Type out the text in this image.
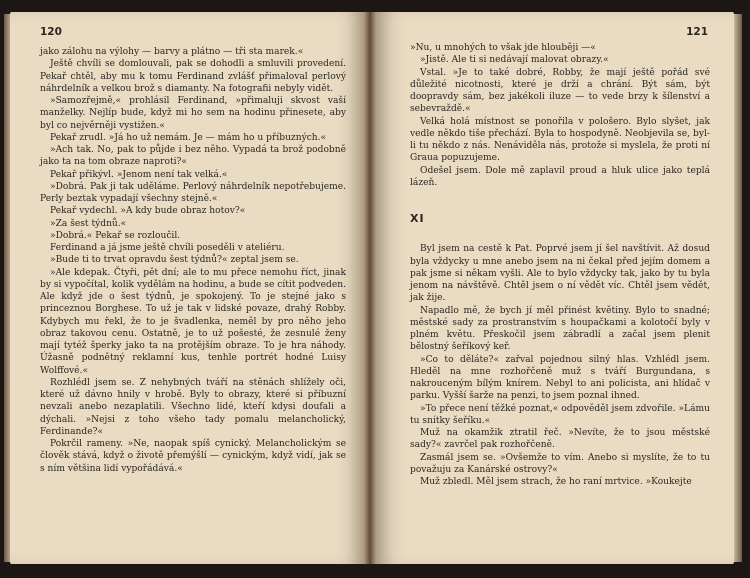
120

jako zálohu na výlohy — barvy a plátno — tři sta marek.«

Ještě chvíli se domlouvali, pak se dohodli a smluvili provedení. Pekař chtěl, aby mu k tomu Ferdinand zvlášť přimaloval perlový náhrdelník a velkou brož s diamanty. Na fotografii nebyly vidět.

»Samozřejmě,« prohlásil Ferdinand, »přimaluji skvost vaší manželky. Nejlíp bude, když mi ho sem na hodinu přinesete, aby byl co nejvěrněji vystižen.«

Pekař zrudl. »Já ho už nemám. Je — mám ho u příbuzných.«

»Ach tak. No, pak to půjde i bez něho. Vypadá ta brož podobně jako ta na tom obraze naproti?«

Pekař přikývl. »Jenom není tak velká.«

»Dobrá. Pak ji tak uděláme. Perlový náhrdelník nepotřebujeme. Perly beztak vypadají všechny stejně.«

Pekař vydechl. »A kdy bude obraz hotov?«

»Za šest týdnů.«

»Dobrá.« Pekař se rozloučil.

Ferdinand a já jsme ještě chvíli poseděli v ateliéru.

»Bude ti to trvat opravdu šest týdnů?« zeptal jsem se.

»Ale kdepak. Čtyři, pět dní; ale to mu přece nemohu říct, jinak by si vypočítal, kolik vydělám na hodinu, a bude se cítit podveden. Ale když jde o šest týdnů, je spokojený. To je stejné jako s princeznou Borghese. To už je tak v lidské povaze, drahý Robby. Kdybych mu řekl, že to je švadlenka, neměl by pro něho jeho obraz takovou cenu. Ostatně, je to už pošesté, že zesnulé ženy mají tytéž šperky jako ta na protějším obraze. To je hra náhody. Úžasně podnětný reklamní kus, tenhle portrét hodné Luisy Wolffové.«

Rozhlédl jsem se. Z nehybných tváří na stěnách shlížely oči, které už dávno hnily v hrobě. Byly to obrazy, které si příbuzní nevzali anebo nezaplatili. Všechno lidé, kteří kdysi doufali a dýchali. »Nejsi z toho všeho tady pomalu melancholický, Ferdinande?«

Pokrčil rameny. »Ne, naopak spíš cynický. Melancholickým se člověk stává, když o životě přemýšlí — cynickým, když vidí, jak se s ním většina lidí vypořádává.«

121

»Nu, u mnohých to však jde hlouběji —«

»Jistě. Ale ti si nedávají malovat obrazy.«

Vstal. »Je to také dobré, Robby, že mají ještě pořád své důležité nicotnosti, které je drží a chrání. Být sám, být doopravdy sám, bez jakékoli iluze — to vede brzy k šílenství a sebevraždě.«

Velká holá místnost se ponořila v pološero. Bylo slyšet, jak vedle někdo tiše přechází. Byla to hospodyně. Neobjevila se, byl-li tu někdo z nás. Nenáviděla nás, protože si myslela, že proti ní Graua popuzujeme.

Odešel jsem. Dole mě zaplavil proud a hluk ulice jako teplá lázeň.

XI

Byl jsem na cestě k Pat. Poprvé jsem jí šel navštívit. Až dosud byla vždycky u mne anebo jsem na ni čekal před jejím domem a pak jsme si někam vyšli. Ale to bylo vždycky tak, jako by tu byla jenom na návštěvě. Chtěl jsem o ní vědět víc. Chtěl jsem vědět, jak žije.

Napadlo mě, že bych jí měl přinést květiny. Bylo to snadné; městské sady za prostranstvím s houpačkami a kolotočí byly v plném květu. Přeskočil jsem zábradlí a začal jsem plenit bělostný šeříkový keř.

»Co to děláte?« zařval pojednou silný hlas. Vzhlédl jsem. Hleděl na mne rozhořčeně muž s tváří Burgundana, s nakrouceným bílým knírem. Nebyl to ani policista, ani hlídač v parku. Vyšší šarže na penzi, to jsem poznal ihned.

»To přece není těžké poznat,« odpověděl jsem zdvořile. »Lámu tu snítky šeříku.«

Muž na okamžik ztratil řeč. »Nevíte, že to jsou městské sady?« zavrčel pak rozhořčeně.

Zasmál jsem se. »Ovšemže to vím. Anebo si myslíte, že to tu považuju za Kanárské ostrovy?«

Muž zbledl. Měl jsem strach, že ho raní mrtvice. »Koukejte
